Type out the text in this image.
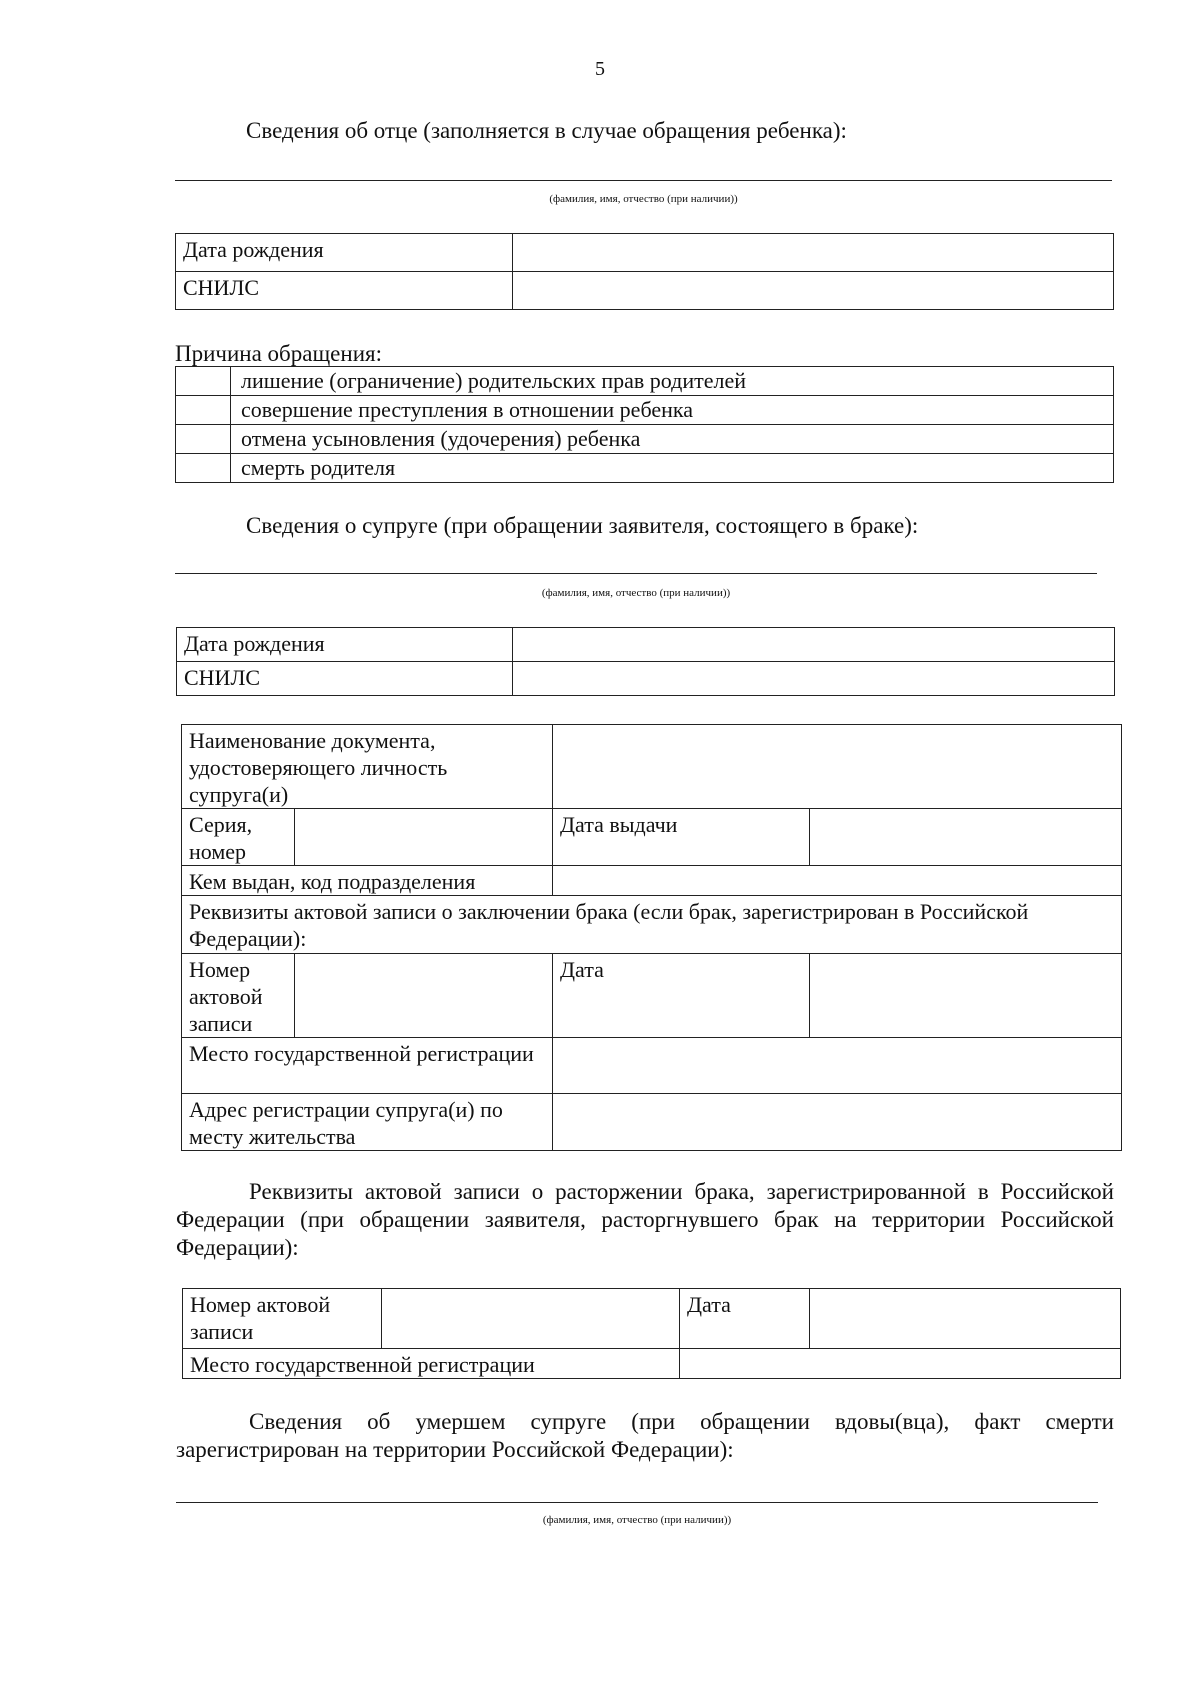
5
Сведения об отце (заполняется в случае обращения ребенка):
(фамилия, имя, отчество (при наличии))
Дата рождения	
СНИЛС	
Причина обращения:
	лишение (ограничение) родительских прав родителей
	совершение преступления в отношении ребенка
	отмена усыновления (удочерения) ребенка
	смерть родителя
Сведения о супруге (при обращении заявителя, состоящего в браке):
(фамилия, имя, отчество (при наличии))
Дата рождения	
СНИЛС	
Наименование документа, удостоверяющего личность супруга(и)			
Серия, номер		Дата выдачи	
Кем выдан, код подразделения			
Реквизиты актовой записи о заключении брака (если брак, зарегистрирован в Российской Федерации):			
Номер актовой записи		Дата	
Место государственной регистрации			
Адрес регистрации супруга(и) по месту жительства			
Реквизиты актовой записи о расторжении брака, зарегистрированной в Российской
Федерации (при обращении заявителя, расторгнувшего брак на территории Российской
Федерации):
Номер актовой записи		Дата	
Место государственной регистрации			
Сведения об умершем супруге (при обращении вдовы(вца), факт смерти
зарегистрирован на территории Российской Федерации):
(фамилия, имя, отчество (при наличии))
